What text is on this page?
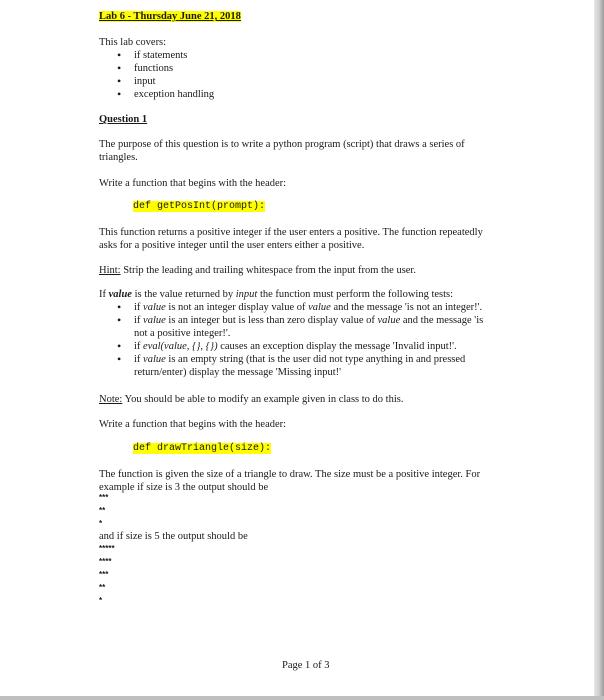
Lab 6 - Thursday June 21, 2018

This lab covers:

• if statements
• functions
• input
• exception handling

Question 1

The purpose of this question is to write a python program (script) that draws a series of

triangles.

Write a function that begins with the header:

def getPosInt(prompt):

This function returns a positive integer if the user enters a positive. The function repeatedly

asks for a positive integer until the user enters either a positive.

Hint: Strip the leading and trailing whitespace from the input from the user.

If value is the value returned by input the function must perform the following tests:

• if value is not an integer display value of value and the message 'is not an integer!'.
• if value is an integer but is less than zero display value of value and the message 'is
not a positive integer!'.
• if eval(value, {}, {}) causes an exception display the message 'Invalid input!'.
• if value is an empty string (that is the user did not type anything in and pressed
return/enter) display the message 'Missing input!'

Note: You should be able to modify an example given in class to do this.

Write a function that begins with the header:

def drawTriangle(size):

The function is given the size of a triangle to draw. The size must be a positive integer. For

example if size is 3 the output should be

***
**
*

and if size is 5 the output should be

*****
****
***
**
*

Page 1 of 3
